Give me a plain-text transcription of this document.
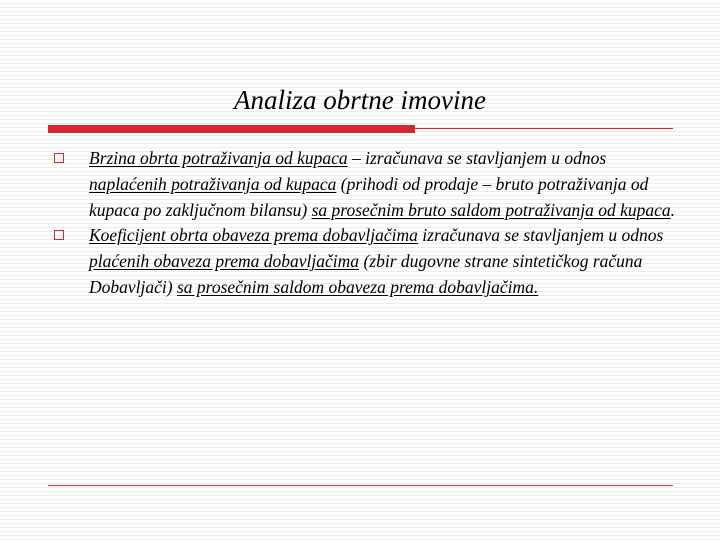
Analiza obrtne imovine
Brzina obrta potraživanja od kupaca – izračunava se stavljanjem u odnos naplaćenih potraživanja od kupaca (prihodi od prodaje – bruto potraživanja od kupaca po zaključnom bilansu) sa prosečnim bruto saldom potraživanja od kupaca.
Koeficijent obrta obaveza prema dobavljačima izračunava se stavljanjem u odnos plaćenih obaveza prema dobavljačima (zbir dugovne strane sintetičkog računa Dobavljači) sa prosečnim saldom obaveza prema dobavljačima.
